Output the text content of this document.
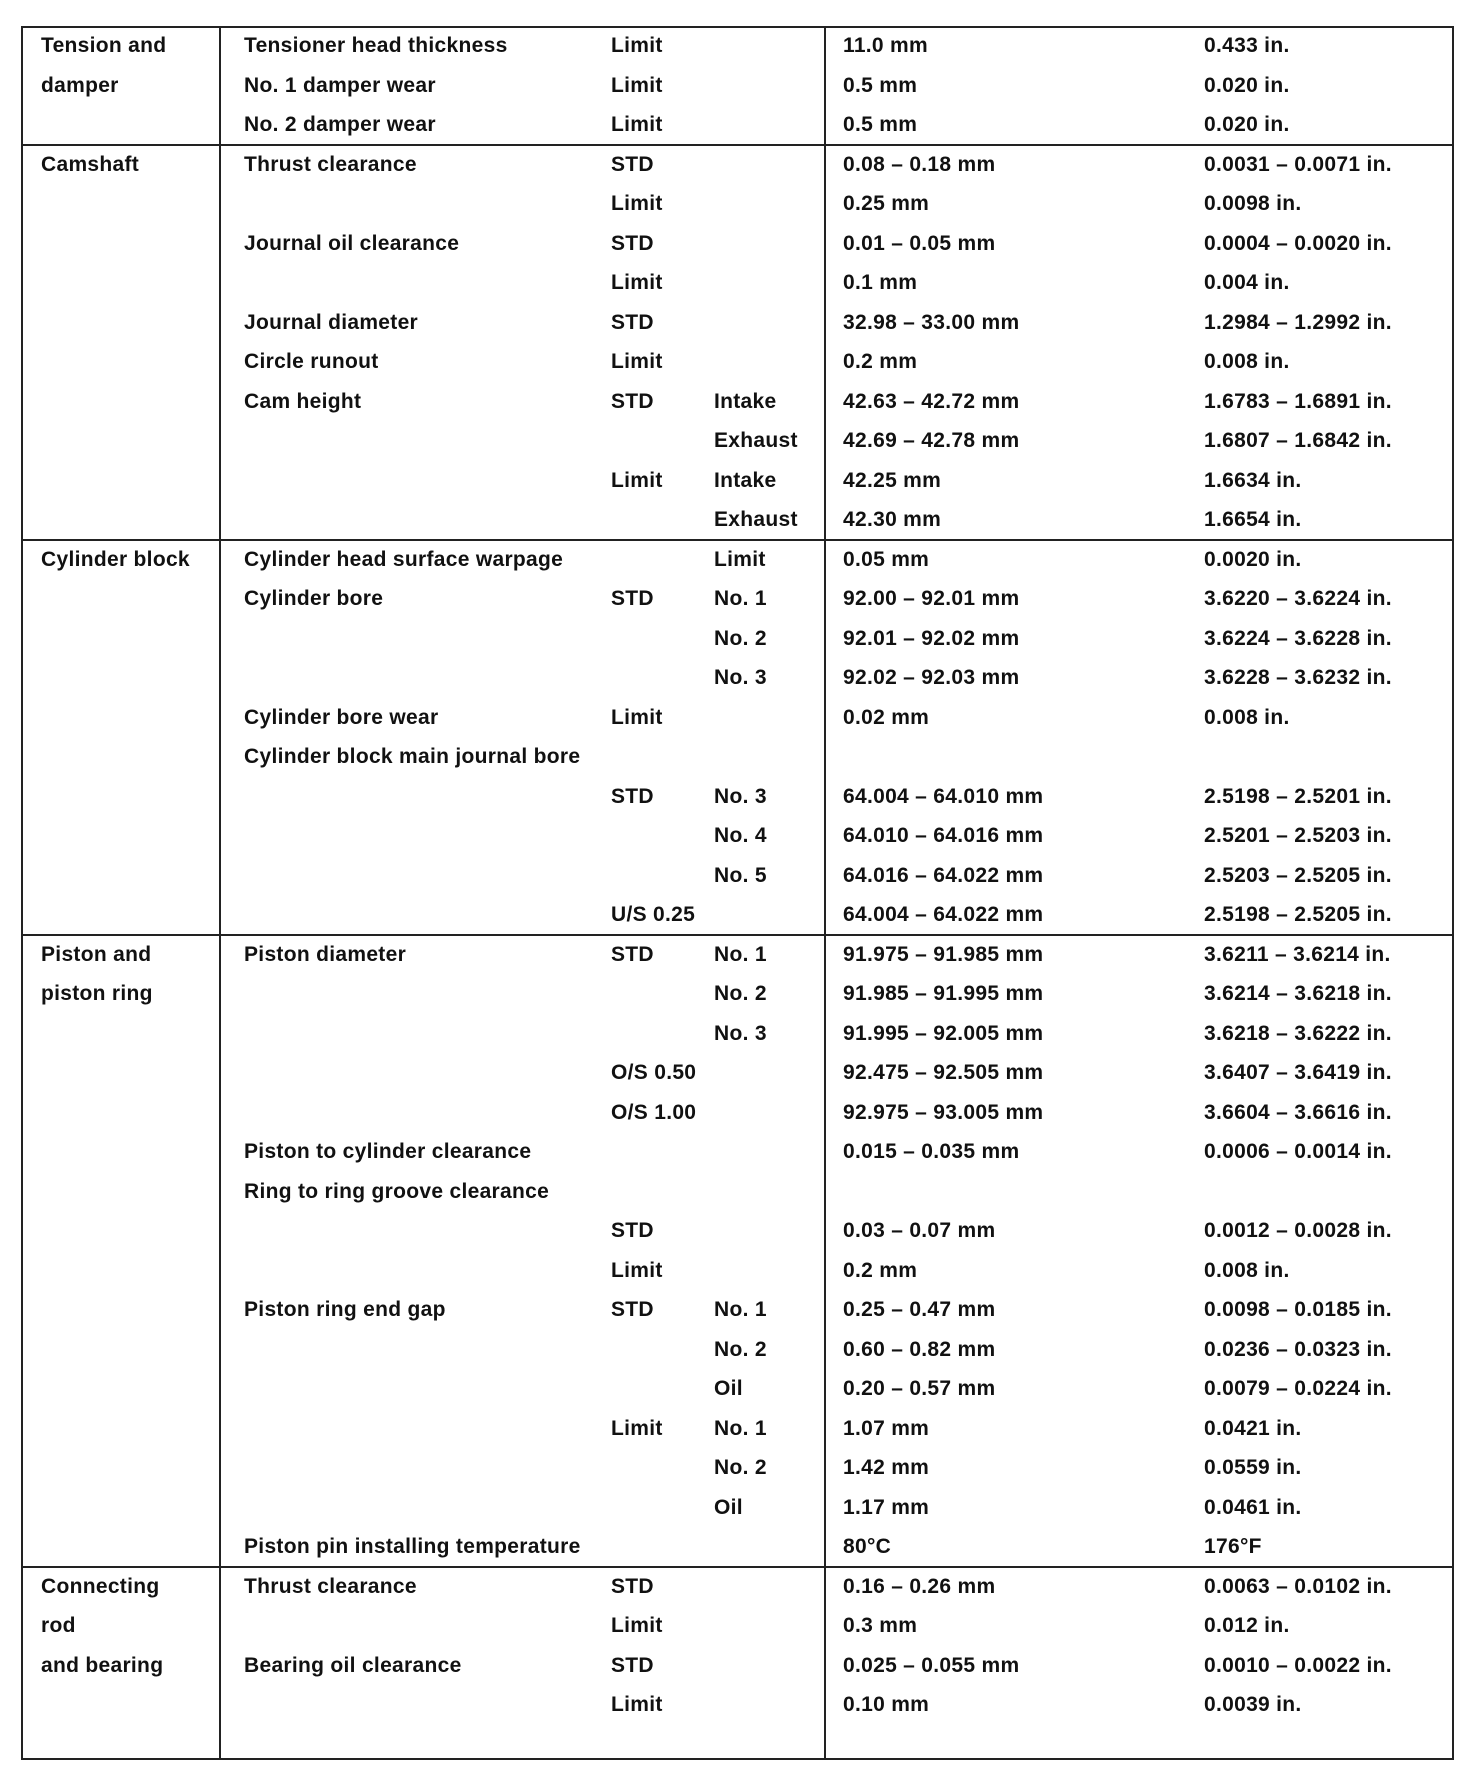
Tension and
damper
Tensioner head thickness	Limit	11.0 mm	0.433 in.
No. 1 damper wear	Limit	0.5 mm	0.020 in.
No. 2 damper wear	Limit	0.5 mm	0.020 in.
Camshaft	Thrust clearance	STD	0.08 – 0.18 mm	0.0031 – 0.0071 in.
Limit	0.25 mm	0.0098 in.
Journal oil clearance	STD	0.01 – 0.05 mm	0.0004 – 0.0020 in.
Limit	0.1 mm	0.004 in.
Journal diameter	STD	32.98 – 33.00 mm	1.2984 – 1.2992 in.
Circle runout	Limit	0.2 mm	0.008 in.
Cam height	STD	Intake	42.63 – 42.72 mm	1.6783 – 1.6891 in.
Exhaust 42.69 – 42.78 mm	1.6807 – 1.6842 in.
Limit Intake	42.25 mm	1.6634 in.
Exhaust 42.30 mm	1.6654 in.
Cylinder block	Cylinder head surface warpage	Limit	0.05 mm	0.0020 in.
Cylinder bore	STD	No. 1	92.00 – 92.01 mm	3.6220 – 3.6224 in.
No. 2	92.01 – 92.02 mm	3.6224 – 3.6228 in.
No. 3	92.02 – 92.03 mm	3.6228 – 3.6232 in.
Cylinder bore wear	Limit	0.02 mm	0.008 in.
Cylinder block main journal bore
STD	No. 3	64.004 – 64.010 mm	2.5198 – 2.5201 in.
No. 4	64.010 – 64.016 mm	2.5201 – 2.5203 in.
No. 5	64.016 – 64.022 mm	2.5203 – 2.5205 in.
U/S 0.25	64.004 – 64.022 mm	2.5198 – 2.5205 in.
Piston and
piston ring
Piston diameter	STD	No. 1	91.975 – 91.985 mm	3.6211 – 3.6214 in.
No. 2	91.985 – 91.995 mm	3.6214 – 3.6218 in.
No. 3	91.995 – 92.005 mm	3.6218 – 3.6222 in.
O/S 0.50	92.475 – 92.505 mm	3.6407 – 3.6419 in.
O/S 1.00	92.975 – 93.005 mm	3.6604 – 3.6616 in.
Piston to cylinder clearance	0.015 – 0.035 mm	0.0006 – 0.0014 in.
Ring to ring groove clearance
STD	0.03 – 0.07 mm	0.0012 – 0.0028 in.
Limit	0.2 mm	0.008 in.
Piston ring end gap	STD	No. 1	0.25 – 0.47 mm	0.0098 – 0.0185 in.
No. 2	0.60 – 0.82 mm	0.0236 – 0.0323 in.
Oil	0.20 – 0.57 mm	0.0079 – 0.0224 in.
Limit No. 1	1.07 mm	0.0421 in.
No. 2	1.42 mm	0.0559 in.
Oil	1.17 mm	0.0461 in.
Piston pin installing temperature	80°C	176°F
Connecting
rod
and bearing
Thrust clearance	STD	0.16 – 0.26 mm	0.0063 – 0.0102 in.
Limit	0.3 mm	0.012 in.
Bearing oil clearance	STD	0.025 – 0.055 mm	0.0010 – 0.0022 in.
Limit	0.10 mm	0.0039 in.
